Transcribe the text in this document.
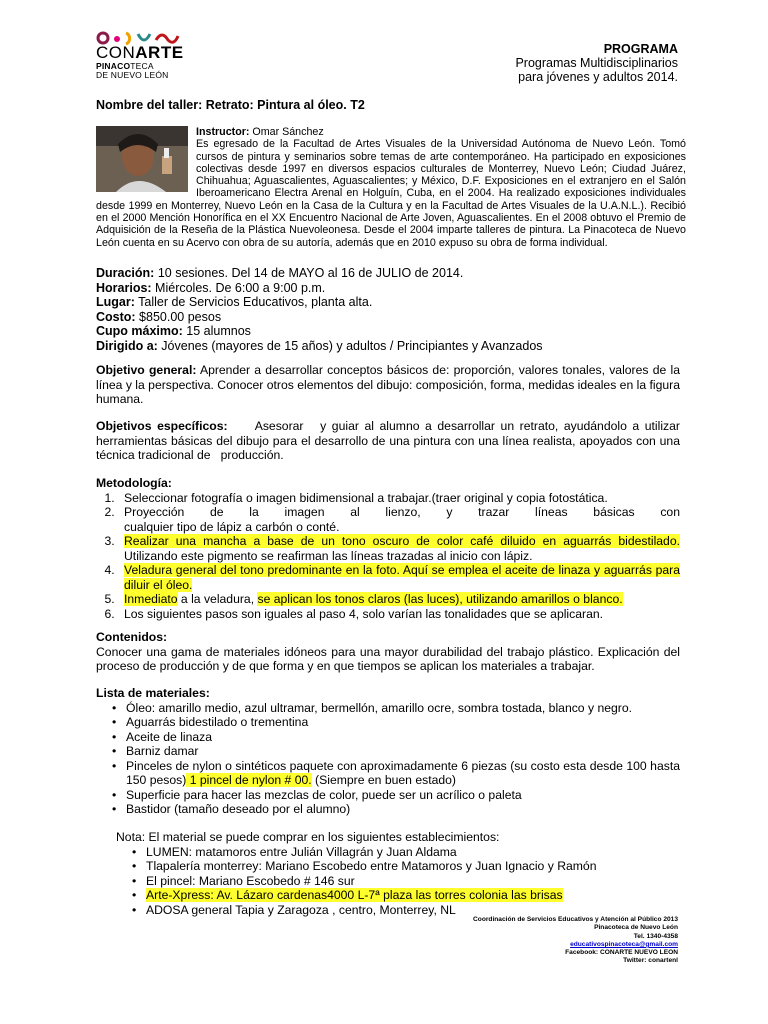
CONARTE
PINACOTECA
DE NUEVO LEÓN
PROGRAMA
Programas Multidisciplinarios
para jóvenes y adultos 2014.
Nombre del taller: Retrato: Pintura al óleo. T2
Instructor: Omar Sánchez
Es egresado de la Facultad de Artes Visuales de la Universidad Autónoma de Nuevo León. Tomó cursos de pintura y seminarios sobre temas de arte contemporáneo. Ha participado en exposiciones colectivas desde 1997 en diversos espacios culturales de Monterrey, Nuevo León; Ciudad Juárez, Chihuahua; Aguascalientes, Aguascalientes; y México, D.F. Exposiciones en el extranjero en el Salón Iberoamericano Electra Arenal en Holguín, Cuba, en el 2004. Ha realizado exposiciones individuales desde 1999 en Monterrey, Nuevo León en la Casa de la Cultura y en la Facultad de Artes Visuales de la U.A.N.L.). Recibió en el 2000 Mención Honorífica en el XX Encuentro Nacional de Arte Joven, Aguascalientes. En el 2008 obtuvo el Premio de Adquisición de la Reseña de la Plástica Nuevoleonesa. Desde el 2004 imparte talleres de pintura. La Pinacoteca de Nuevo León cuenta en su Acervo con obra de su autoría, además que en 2010 expuso su obra de forma individual.
Duración: 10 sesiones. Del 14 de MAYO al 16 de JULIO de 2014.
Horarios: Miércoles. De 6:00 a 9:00 p.m.
Lugar: Taller de Servicios Educativos, planta alta.
Costo: $850.00 pesos
Cupo máximo: 15 alumnos
Dirigido a: Jóvenes (mayores de 15 años) y adultos / Principiantes y Avanzados
Objetivo general: Aprender a desarrollar conceptos básicos de: proporción, valores tonales, valores de la línea y la perspectiva. Conocer otros elementos del dibujo: composición, forma, medidas ideales en la figura humana.
Objetivos específicos:     Asesorar   y guiar al alumno a desarrollar un retrato, ayudándolo a utilizar herramientas básicas del dibujo para el desarrollo de una pintura con una línea realista, apoyados con una técnica tradicional de   producción.
Metodología:
1. Seleccionar fotografía o imagen bidimensional a trabajar.(traer original y copia fotostática.
2. Proyección       de       la       imagen       al       lienzo,       y       trazar       líneas       básicas       con cualquier tipo de lápiz a carbón o conté.
3. Realizar una mancha a base de un tono oscuro de color café diluido en aguarrás bidestilado. Utilizando este pigmento se reafirman las líneas trazadas al inicio con lápiz.
4. Veladura general del tono predominante en la foto. Aquí se emplea el aceite de linaza y aguarrás para diluir el óleo.
5. Inmediato a la veladura, se aplican los tonos claros (las luces), utilizando amarillos o blanco.
6. Los siguientes pasos son iguales al paso 4, solo varían las tonalidades que se aplicaran.
Contenidos:
Conocer una gama de materiales idóneos para una mayor durabilidad del trabajo plástico. Explicación del proceso de producción y de que forma y en que tiempos se aplican los materiales a trabajar.
Lista de materiales:
• Óleo: amarillo medio, azul ultramar, bermellón, amarillo ocre, sombra tostada, blanco y negro.
• Aguarrás bidestilado o trementina
• Aceite de linaza
• Barniz damar
• Pinceles de nylon o sintéticos paquete con aproximadamente 6 piezas (su costo esta desde 100 hasta 150 pesos) 1 pincel de nylon # 00. (Siempre en buen estado)
• Superficie para hacer las mezclas de color, puede ser un acrílico o paleta
• Bastidor (tamaño deseado por el alumno)
Nota: El material se puede comprar en los siguientes establecimientos:
• LUMEN: matamoros entre Julián Villagrán y Juan Aldama
• Tlapalería monterrey: Mariano Escobedo entre Matamoros y Juan Ignacio y Ramón
• El pincel: Mariano Escobedo # 146 sur
• Arte-Xpress: Av. Lázaro cardenas4000 L-7ª plaza las torres colonia las brisas
• ADOSA general Tapia y Zaragoza , centro, Monterrey, NL
Coordinación de Servicios Educativos y Atención al Público 2013
Pinacoteca de Nuevo León
Tel. 1340-4358
educativospinacoteca@gmail.com
Facebook: CONARTE NUEVO LEON
Twitter: conartenl
